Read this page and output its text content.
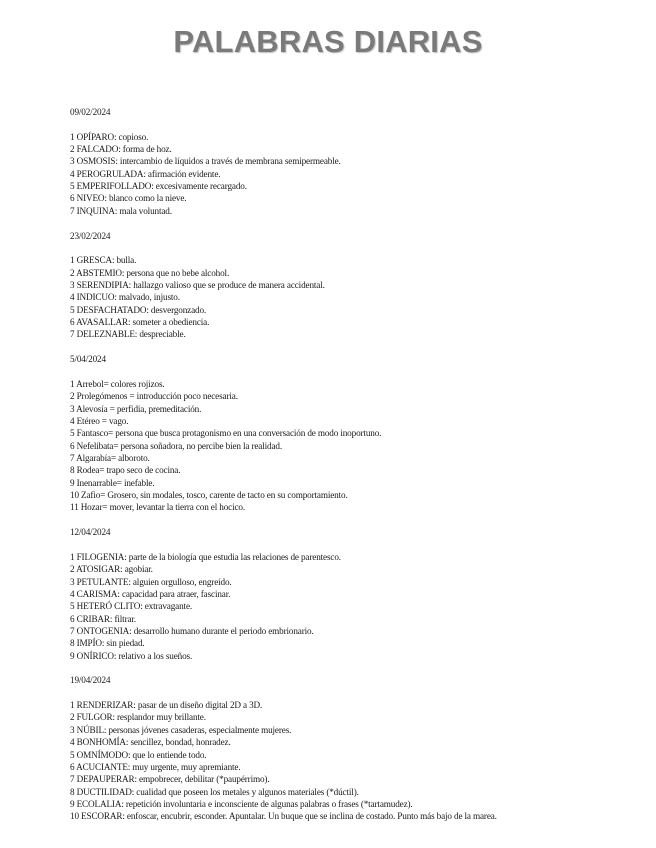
PALABRAS DIARIAS
09/02/2024
1 OPÍPARO: copioso.
2 FALCADO: forma de hoz.
3 OSMOSIS: intercambio de líquidos a través de membrana semipermeable.
4 PEROGRULADA: afirmación evidente.
5 EMPERIFOLLADO: excesivamente recargado.
6 NIVEO: blanco como la nieve.
7 INQUINA: mala voluntad.
23/02/2024
1 GRESCA: bulla.
2 ABSTEMIO: persona que no bebe alcohol.
3 SERENDIPIA: hallazgo valioso que se produce de manera accidental.
4 INDICUO: malvado, injusto.
5 DESFACHATADO: desvergonzado.
6 AVASALLAR: someter a obediencia.
7 DELEZNABLE: despreciable.
5/04/2024
1 Arrebol= colores rojizos.
2 Prolegómenos = introducción poco necesaria.
3 Alevosía = perfidia, premeditación.
4 Etéreo = vago.
5 Fantasco= persona que busca protagonismo en una conversación de modo inoportuno.
6 Nefelibata= persona soñadora, no percibe bien la realidad.
7 Algarabía= alboroto.
8 Rodea= trapo seco de cocina.
9 Inenarrable= inefable.
10 Zafio= Grosero, sin modales, tosco, carente de tacto en su comportamiento.
11 Hozar= mover, levantar la tierra con el hocico.
12/04/2024
1 FILOGENIA: parte de la biología que estudia las relaciones de parentesco.
2 ATOSIGAR: agobiar.
3 PETULANTE: alguien orgulloso, engreído.
4 CARISMA: capacidad para atraer, fascinar.
5 HETERÓ CLITO: extravagante.
6 CRIBAR: filtrar.
7 ONTOGENIA: desarrollo humano durante el periodo embrionario.
8 IMPÍO: sin piedad.
9 ONÍRICO: relativo a los sueños.
19/04/2024
1 RENDERIZAR: pasar de un diseño digital 2D a 3D.
2 FULGOR: resplandor muy brillante.
3 NÚBIL: personas jóvenes casaderas, especialmente mujeres.
4 BONHOMÍA: sencillez, bondad, honradez.
5 OMNÍMODO: que lo entiende todo.
6 ACUCIANTE: muy urgente, muy apremiante.
7 DEPAUPERAR: empobrecer, debilitar (*paupérrimo).
8 DUCTILIDAD: cualidad que poseen los metales y algunos materiales (*dúctil).
9 ECOLALIA: repetición involuntaria e inconsciente de algunas palabras o frases (*tartamudez).
10 ESCORAR: enfoscar, encubrir, esconder. Apuntalar. Un buque que se inclina de costado. Punto más bajo de la marea.
